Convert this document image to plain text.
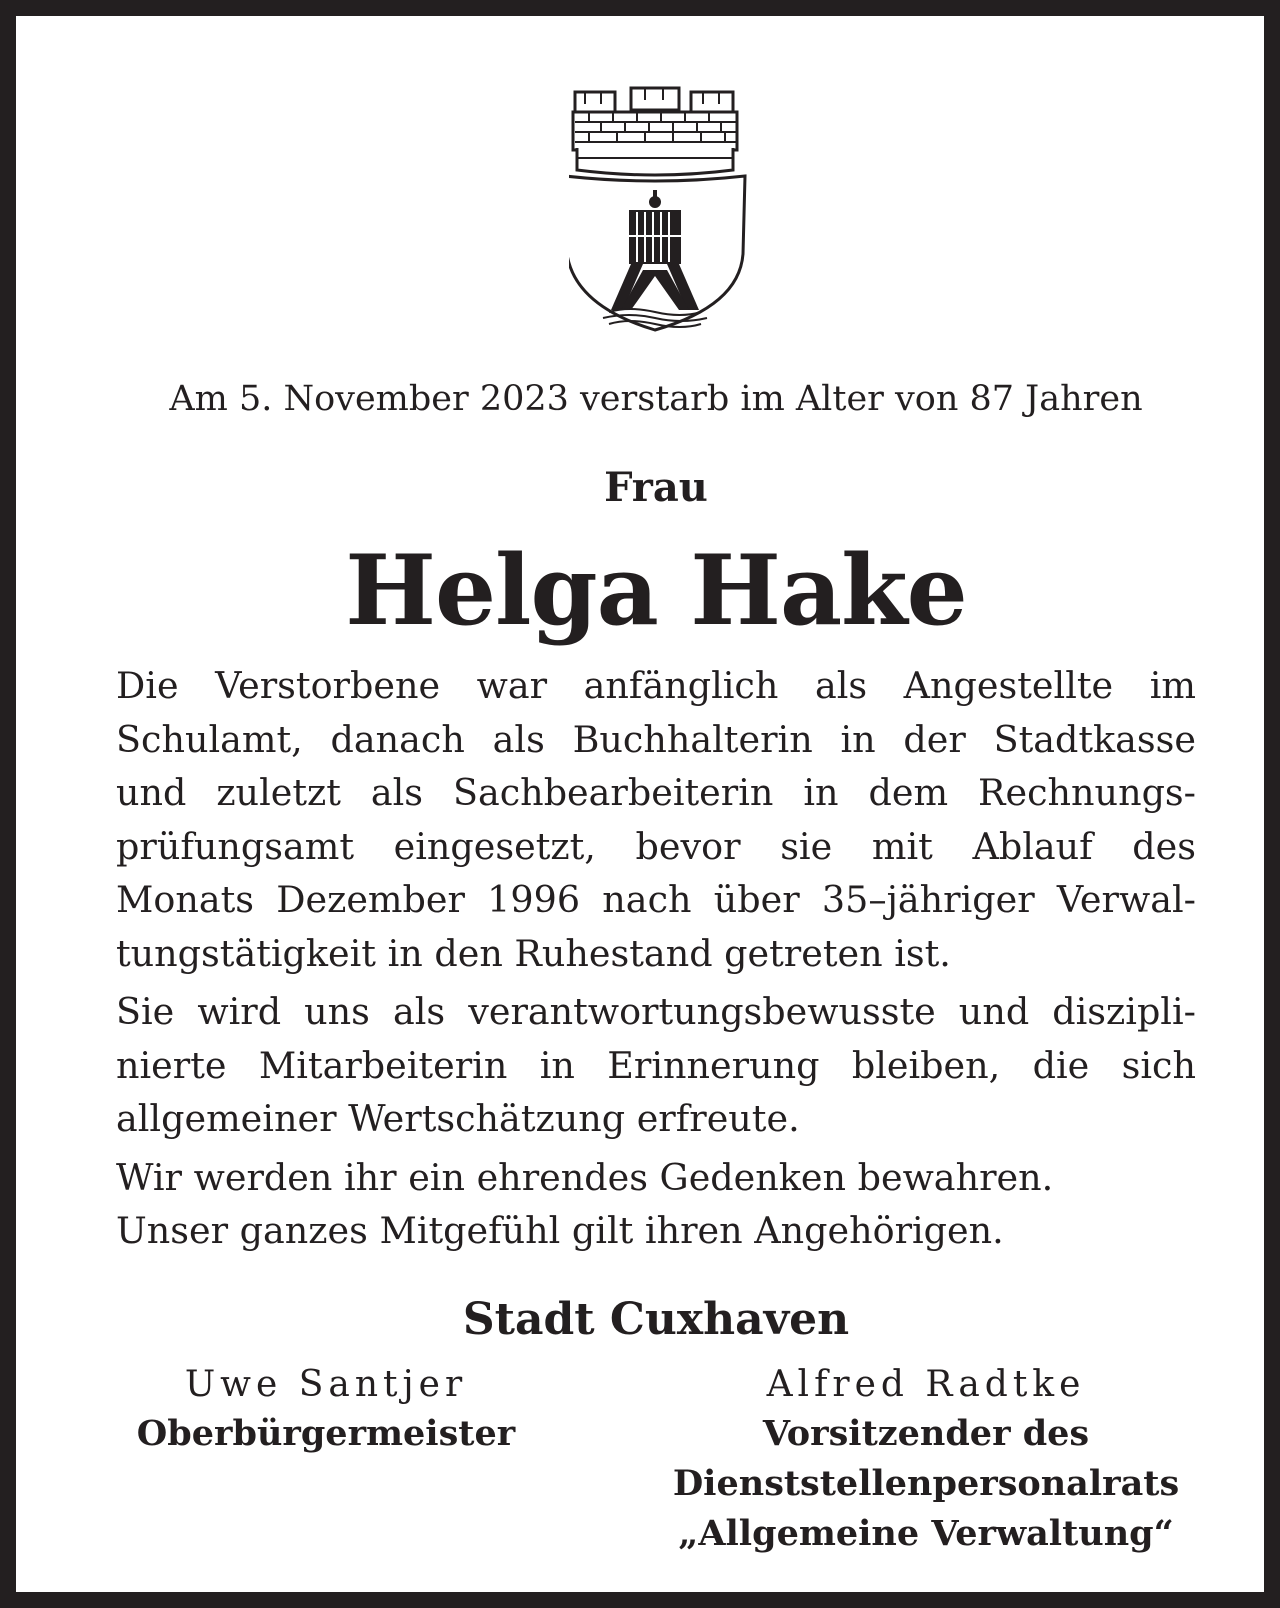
Am 5. November 2023 verstarb im Alter von 87 Jahren
Frau
Helga Hake

Die Verstorbene war anfänglich als Angestellte im

Schulamt, danach als Buchhalterin in der Stadtkasse

und zuletzt als Sachbearbeiterin in dem Rechnungs-

prüfungsamt eingesetzt, bevor sie mit Ablauf des

Monats Dezember 1996 nach über 35–jähriger Verwal-

tungstätigkeit in den Ruhestand getreten ist.

Sie wird uns als verantwortungsbewusste und diszipli-

nierte Mitarbeiterin in Erinnerung bleiben, die sich

allgemeiner Wertschätzung erfreute.

Wir werden ihr ein ehrendes Gedenken bewahren.

Unser ganzes Mitgefühl gilt ihren Angehörigen.

Stadt Cuxhaven
Uwe Santjer
Oberbürgermeister
Alfred Radtke
Vorsitzender des
Dienststellenpersonalrats
„Allgemeine Verwaltung“
